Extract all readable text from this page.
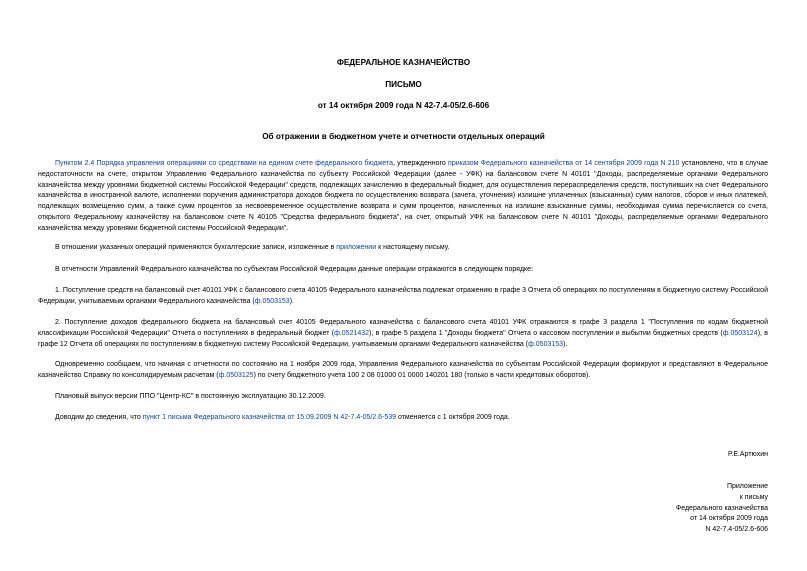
ФЕДЕРАЛЬНОЕ КАЗНАЧЕЙСТВО
ПИСЬМО
от 14 октября 2009 года N 42-7.4-05/2.6-606
Об отражении в бюджетном учете и отчетности отдельных операций
Пунктом 2.4 Порядка управления операциями со средствами на едином счете федерального бюджета, утвержденного приказом Федерального казначейства от 14 сентября 2009 года N 210 установлено, что в случае недостаточности на счете, открытом Управлению Федерального казначейства по субъекту Российской Федерации (далее - УФК) на балансовом счете N 40101 "Доходы, распределяемые органами Федерального казначейства между уровнями бюджетной системы Российской Федерации" средств, подлежащих зачислению в федеральный бюджет, для осуществления перераспределения средств, поступивших на счет Федерального казначейства в иностранной валюте, исполнении поручения администратора доходов бюджета по осуществлению возврата (зачета, уточнения) излишне уплаченных (взысканных) сумм налогов, сборов и иных платежей, подлежащих возмещению сумм, а также сумм процентов за несвоевременное осуществление возврата и сумм процентов, начисленных на излишне взысканные суммы, необходимая сумма перечисляется со счета, открытого Федеральному казначейству на балансовом счете N 40105 "Средства федерального бюджета", на счет, открытый УФК на балансовом счете N 40101 "Доходы, распределяемые органами Федерального казначейства между уровнями бюджетной системы Российской Федерации".
В отношении указанных операций применяются бухгалтерские записи, изложенные в приложении к настоящему письму.
В отчетности Управлений Федерального казначейства по субъектам Российской Федерации данные операции отражаются в следующем порядке:
1. Поступление средств на балансовый счет 40101 УФК с балансового счета 40105 Федерального казначейства подлежат отражению в графе 3 Отчета об операциях по поступлениям в бюджетную систему Российской Федерации, учитываемым органами Федерального казначейства (ф.0503153).
2. Поступление доходов федерального бюджета на балансовый счет 40105 Федерального казначейства с балансового счета 40101 УФК отражаются в графе 3 раздела 1 "Поступления по кодам бюджетной классификации Российской Федерации" Отчета о поступлениях в федеральный бюджет (ф.0521432), в графе 5 раздела 1 "Доходы бюджета" Отчета о кассовом поступлении и выбытии бюджетных средств (ф.0503124), в графе 12 Отчета об операциях по поступлениям в бюджетную систему Российской Федерации, учитываемым органами Федерального казначейства (ф.0503153).
Одновременно сообщаем, что начиная с отчетности по состоянию на 1 ноября 2009 года, Управления Федерального казначейства по субъектам Российской Федерации формируют и представляют в Федеральное казначейство Справку по консолидируемым расчетам (ф.0503125) по счету бюджетного учета 100 2 08 01000 01 0000 140201 180 (только в части кредитовых оборотов).
Плановый выпуск версии ППО "Центр-КС" в постоянную эксплуатацию 30.12.2009.
Доводим до сведения, что пункт 1 письма Федерального казначейства от 15.09.2009 N 42-7.4-05/2.6-539 отменяется с 1 октября 2009 года.
Р.Е.Артюхин
Приложение
к письму
Федерального казначейства
от 14 октября 2009 года
N 42-7.4-05/2.6-606
